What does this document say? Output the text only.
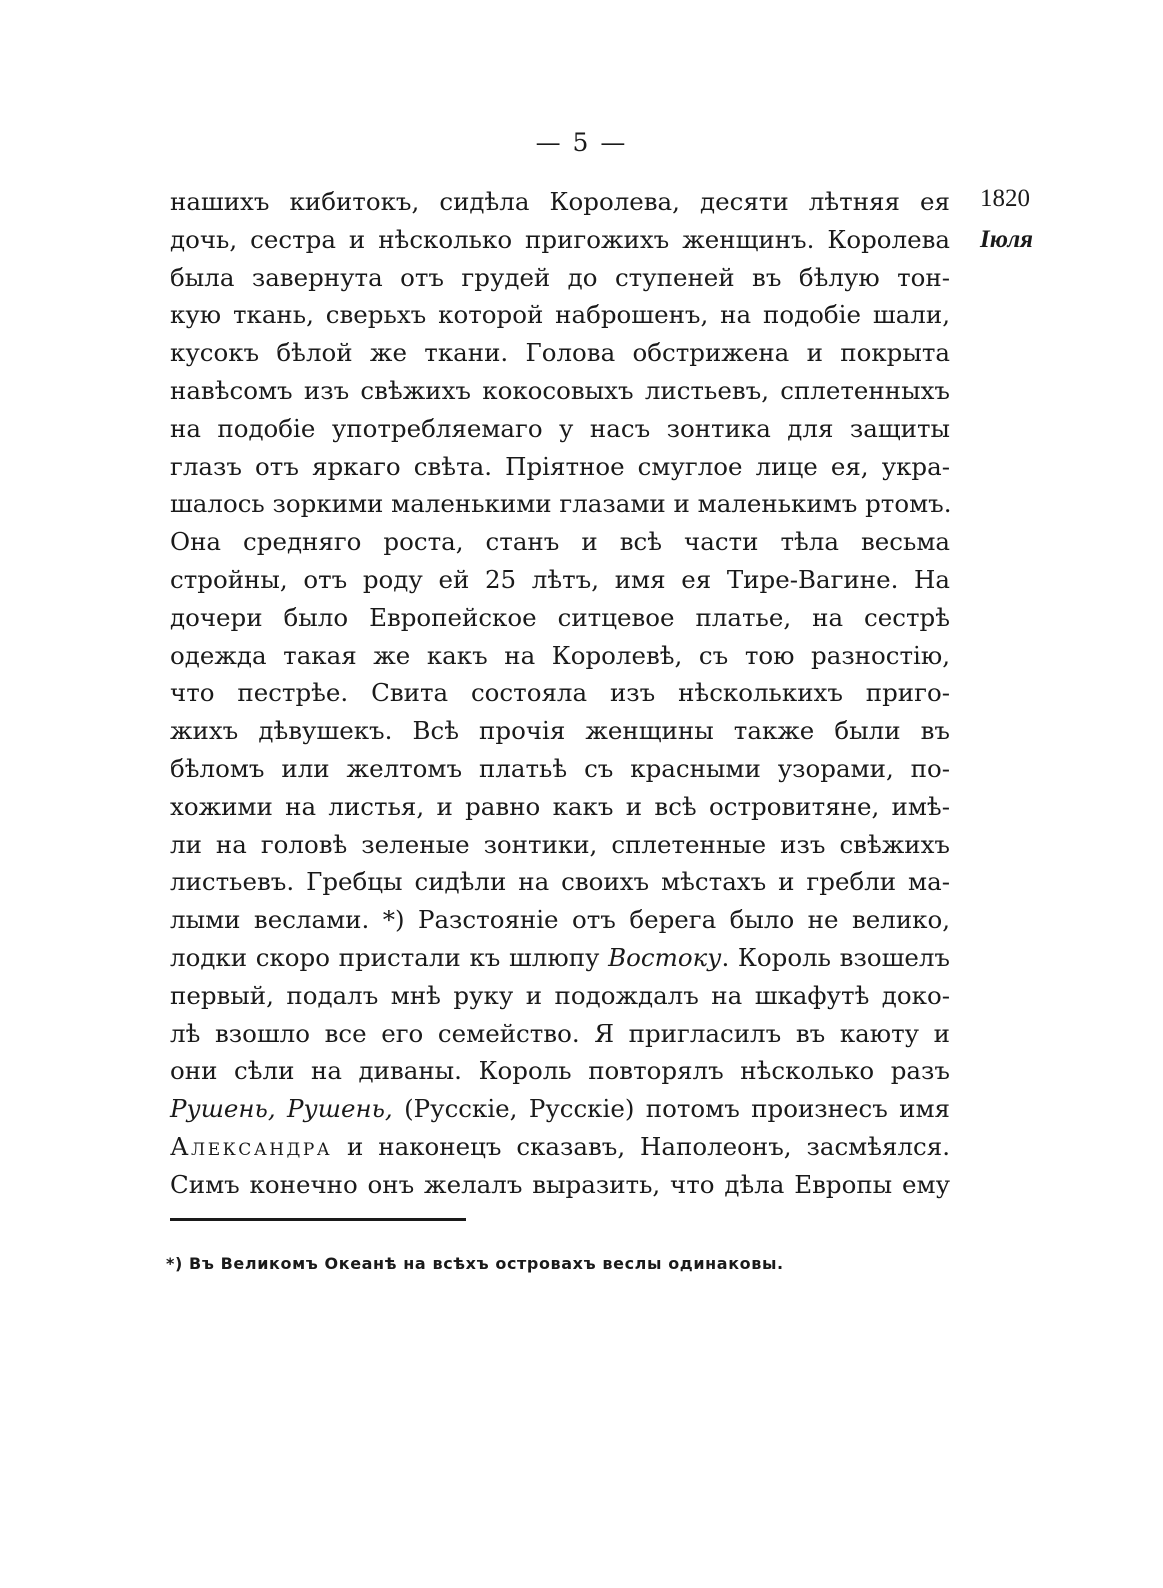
— 5 —
1820
Іюля
нашихъ кибитокъ, сидѣла Королева, десяти лѣтняя ея
дочь, сестра и нѣсколько пригожихъ женщинъ. Королева
была завернута отъ грудей до ступеней въ бѣлую тон-
кую ткань, сверьхъ которой наброшенъ, на подобіе шали,
кусокъ бѣлой же ткани. Голова обстрижена и покрыта
навѣсомъ изъ свѣжихъ кокосовыхъ листьевъ, сплетенныхъ
на подобіе употребляемаго у насъ зонтика для защиты
глазъ отъ яркаго свѣта. Пріятное смуглое лице ея, укра-
шалось зоркими маленькими глазами и маленькимъ ртомъ.
Она средняго роста, станъ и всѣ части тѣла весьма
стройны, отъ роду ей 25 лѣтъ, имя ея Тире-Вагине. На
дочери было Европейское ситцевое платье, на сестрѣ
одежда такая же какъ на Королевѣ, съ тою разностію,
что пестрѣе. Свита состояла изъ нѣсколькихъ приго-
жихъ дѣвушекъ. Всѣ прочія женщины также были въ
бѣломъ или желтомъ платьѣ съ красными узорами, по-
хожими на листья, и равно какъ и всѣ островитяне, имѣ-
ли на головѣ зеленые зонтики, сплетенные изъ свѣжихъ
листьевъ. Гребцы сидѣли на своихъ мѣстахъ и гребли ма-
лыми веслами. *) Разстояніе отъ берега было не велико,
лодки скоро пристали къ шлюпу Востоку. Король взошелъ
первый, подалъ мнѣ руку и подождалъ на шкафутѣ доко-
лѣ взошло все его семейство. Я пригласилъ въ каюту и
они сѣли на диваны. Король повторялъ нѣсколько разъ
Рушень, Рушень, (Русскіе, Русскіе) потомъ произнесъ имя
Александра и наконецъ сказавъ, Наполеонъ, засмѣялся.
Симъ конечно онъ желалъ выразить, что дѣла Европы ему
*) Въ Великомъ Океанѣ на всѣхъ островахъ веслы одинаковы.
